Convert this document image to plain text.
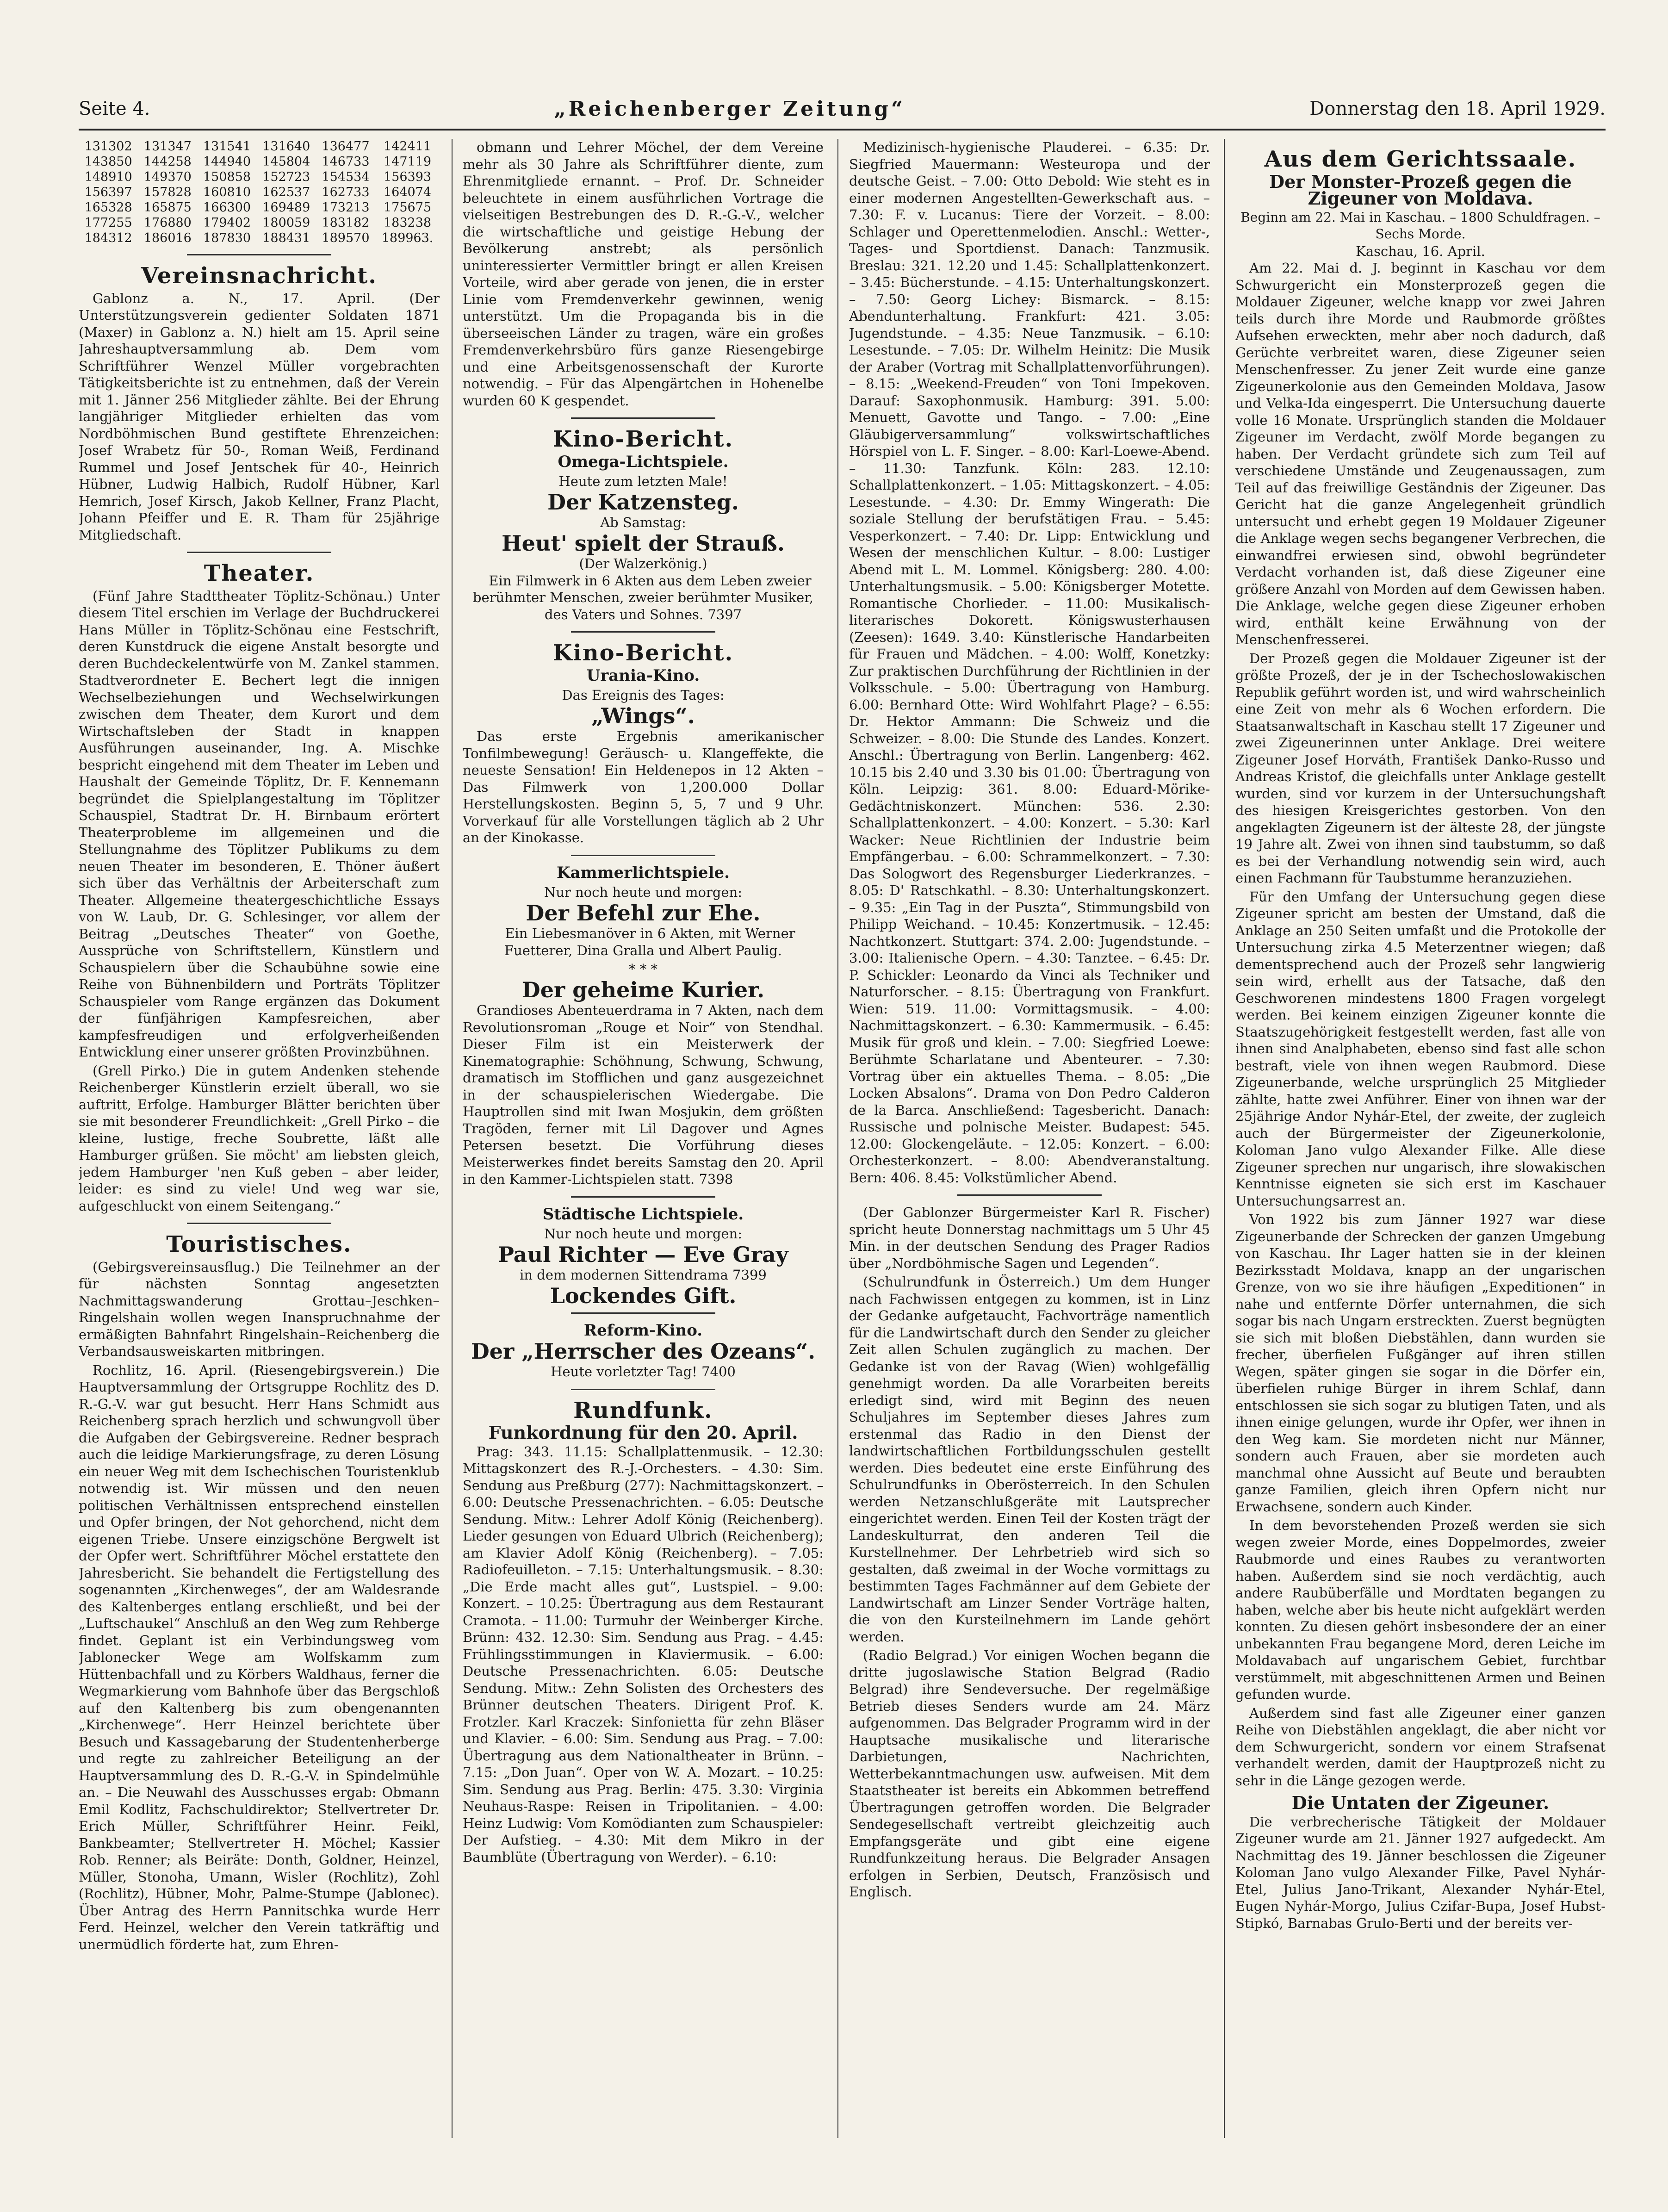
Seite 4.	„Reichenberger Zeitung“	Donnerstag den 18. April 1929.
131302	131347	131541	131640	136477	142411
143850	144258	144940	145804	146733	147119
148910	149370	150858	152723	154534	156393
156397	157828	160810	162537	162733	164074
165328	165875	166300	169489	173213	175675
177255	176880	179402	180059	183182	183238
184312	186016	187830	188431	189570	189963.
Vereinsnachricht.

Gablonz a. N., 17. April. (Der Unterstützungsverein gedienter Soldaten 1871 (Maxer) in Gablonz a. N.) hielt am 15. April seine Jahreshauptversammlung ab. Dem vom Schriftführer Wenzel Müller vorgebrachten Tätigkeitsberichte ist zu entnehmen, daß der Verein mit 1. Jänner 256 Mitglieder zählte. Bei der Ehrung langjähriger Mitglieder erhielten das vom Nordböhmischen Bund gestiftete Ehrenzeichen: Josef Wrabetz für 50-, Roman Weiß, Ferdinand Rummel und Josef Jentschek für 40-, Heinrich Hübner, Ludwig Halbich, Rudolf Hübner, Karl Hemrich, Josef Kirsch, Jakob Kellner, Franz Placht, Johann Pfeiffer und E. R. Tham für 25jährige Mitgliedschaft.

Theater.

(Fünf Jahre Stadttheater Töplitz-Schönau.) Unter diesem Titel erschien im Verlage der Buchdruckerei Hans Müller in Töplitz-Schönau eine Festschrift, deren Kunstdruck die eigene Anstalt besorgte und deren Buchdeckelentwürfe von M. Zankel stammen. Stadtverordneter E. Bechert legt die innigen Wechselbeziehungen und Wechselwirkungen zwischen dem Theater, dem Kurort und dem Wirtschaftsleben der Stadt in knappen Ausführungen auseinander, Ing. A. Mischke bespricht eingehend mit dem Theater im Leben und Haushalt der Gemeinde Töplitz, Dr. F. Kennemann begründet die Spielplangestaltung im Töplitzer Schauspiel, Stadtrat Dr. H. Birnbaum erörtert Theaterprobleme im allgemeinen und die Stellungnahme des Töplitzer Publikums zu dem neuen Theater im besonderen, E. Thöner äußert sich über das Verhältnis der Arbeiterschaft zum Theater. Allgemeine theatergeschichtliche Essays von W. Laub, Dr. G. Schlesinger, vor allem der Beitrag „Deutsches Theater“ von Goethe, Aussprüche von Schriftstellern, Künstlern und Schauspielern über die Schaubühne sowie eine Reihe von Bühnenbildern und Porträts Töplitzer Schauspieler vom Range ergänzen das Dokument der fünfjährigen Kampfesreichen, aber kampfesfreudigen und erfolgverheißenden Entwicklung einer unserer größten Provinzbühnen.

(Grell Pirko.) Die in gutem Andenken stehende Reichenberger Künstlerin erzielt überall, wo sie auftritt, Erfolge. Hamburger Blätter berichten über sie mit besonderer Freundlichkeit: „Grell Pirko – die kleine, lustige, freche Soubrette, läßt alle Hamburger grüßen. Sie möcht' am liebsten gleich, jedem Hamburger 'nen Kuß geben – aber leider, leider: es sind zu viele! Und weg war sie, aufgeschluckt von einem Seitengang.“

Touristisches.

(Gebirgsvereinsausflug.) Die Teilnehmer an der für nächsten Sonntag angesetzten Nachmittagswanderung Grottau–Jeschken–Ringelshain wollen wegen Inanspruchnahme der ermäßigten Bahnfahrt Ringelshain–Reichenberg die Verbandsausweiskarten mitbringen.

Rochlitz, 16. April. (Riesengebirgsverein.) Die Hauptversammlung der Ortsgruppe Rochlitz des D. R.-G.-V. war gut besucht. Herr Hans Schmidt aus Reichenberg sprach herzlich und schwungvoll über die Aufgaben der Gebirgsvereine. Redner besprach auch die leidige Markierungsfrage, zu deren Lösung ein neuer Weg mit dem Ischechischen Touristenklub notwendig ist. Wir müssen und den neuen politischen Verhältnissen entsprechend einstellen und Opfer bringen, der Not gehorchend, nicht dem eigenen Triebe. Unsere einzigschöne Bergwelt ist der Opfer wert. Schriftführer Möchel erstattete den Jahresbericht. Sie behandelt die Fertigstellung des sogenannten „Kirchenweges“, der am Waldesrande des Kaltenberges entlang erschließt, und bei der „Luftschaukel“ Anschluß an den Weg zum Rehberge findet. Geplant ist ein Verbindungsweg vom Jablonecker Wege am Wolfskamm zum Hüttenbachfall und zu Körbers Waldhaus, ferner die Wegmarkierung vom Bahnhofe über das Bergschloß auf den Kaltenberg bis zum obengenannten „Kirchenwege“. Herr Heinzel berichtete über Besuch und Kassagebarung der Studentenherberge und regte zu zahlreicher Beteiligung an der Hauptversammlung des D. R.-G.-V. in Spindelmühle an. – Die Neuwahl des Ausschusses ergab: Obmann Emil Kodlitz, Fachschuldirektor; Stellvertreter Dr. Erich Müller, Schriftführer Heinr. Feikl, Bankbeamter; Stellvertreter H. Möchel; Kassier Rob. Renner; als Beiräte: Donth, Goldner, Heinzel, Müller, Stonoha, Umann, Wisler (Rochlitz), Zohl (Rochlitz), Hübner, Mohr, Palme-Stumpe (Jablonec). Über Antrag des Herrn Pannitschka wurde Herr Ferd. Heinzel, welcher den Verein tatkräftig und unermüdlich förderte hat, zum Ehren-

obmann und Lehrer Möchel, der dem Vereine mehr als 30 Jahre als Schriftführer diente, zum Ehrenmitgliede ernannt. – Prof. Dr. Schneider beleuchtete in einem ausführlichen Vortrage die vielseitigen Bestrebungen des D. R.-G.-V., welcher die wirtschaftliche und geistige Hebung der Bevölkerung anstrebt; als persönlich uninteressierter Vermittler bringt er allen Kreisen Vorteile, wird aber gerade von jenen, die in erster Linie vom Fremdenverkehr gewinnen, wenig unterstützt. Um die Propaganda bis in die überseeischen Länder zu tragen, wäre ein großes Fremdenverkehrsbüro fürs ganze Riesengebirge und eine Arbeitsgenossenschaft der Kurorte notwendig. – Für das Alpengärtchen in Hohenelbe wurden 60 K gespendet.

Kino-Bericht.
Omega-Lichtspiele.
Heute zum letzten Male!
Der Katzensteg.
Ab Samstag:
Heut' spielt der Strauß.
(Der Walzerkönig.)

Ein Filmwerk in 6 Akten aus dem Leben zweier berühmter Menschen, zweier berühmter Musiker, des Vaters und Sohnes. 7397

Kino-Bericht.
Urania-Kino.
Das Ereignis des Tages:
„Wings“.

Das erste Ergebnis amerikanischer Tonfilmbewegung! Geräusch- u. Klangeffekte, die neueste Sensation! Ein Heldenepos in 12 Akten – Das Filmwerk von 1,200.000 Dollar Herstellungskosten. Beginn 5, 5, 7 und 9 Uhr. Vorverkauf für alle Vorstellungen täglich ab 2 Uhr an der Kinokasse.

Kammerlichtspiele.
Nur noch heute und morgen:
Der Befehl zur Ehe.

Ein Liebesmanöver in 6 Akten, mit Werner Fuetterer, Dina Gralla und Albert Paulig.

* * *
Der geheime Kurier.

Grandioses Abenteuerdrama in 7 Akten, nach dem Revolutionsroman „Rouge et Noir“ von Stendhal. Dieser Film ist ein Meisterwerk der Kinematographie: Schöhnung, Schwung, Schwung, dramatisch im Stofflichen und ganz ausgezeichnet in der schauspielerischen Wiedergabe. Die Hauptrollen sind mit Iwan Mosjukin, dem größten Tragöden, ferner mit Lil Dagover und Agnes Petersen besetzt. Die Vorführung dieses Meisterwerkes findet bereits Samstag den 20. April in den Kammer-Lichtspielen statt. 7398

Städtische Lichtspiele.
Nur noch heute und morgen:
Paul Richter — Eve Gray
in dem modernen Sittendrama 7399
Lockendes Gift.
Reform-Kino.
Der „Herrscher des Ozeans“.
Heute vorletzter Tag! 7400
Rundfunk.
Funkordnung für den 20. April.

Prag: 343. 11.15: Schallplattenmusik. – 12.30: Mittagskonzert des R.-J.-Orchesters. – 4.30: Sim. Sendung aus Preßburg (277): Nachmittagskonzert. – 6.00: Deutsche Pressenachrichten. – 6.05: Deutsche Sendung. Mitw.: Lehrer Adolf König (Reichenberg). Lieder gesungen von Eduard Ulbrich (Reichenberg); am Klavier Adolf König (Reichenberg). – 7.05: Radiofeuilleton. – 7.15: Unterhaltungsmusik. – 8.30: „Die Erde macht alles gut“, Lustspiel. – 9.00: Konzert. – 10.25: Übertragung aus dem Restaurant Cramota. – 11.00: Turmuhr der Weinberger Kirche. Brünn: 432. 12.30: Sim. Sendung aus Prag. – 4.45: Frühlingsstimmungen in Klaviermusik. – 6.00: Deutsche Pressenachrichten. 6.05: Deutsche Sendung. Mitw.: Zehn Solisten des Orchesters des Brünner deutschen Theaters. Dirigent Prof. K. Frotzler. Karl Kraczek: Sinfonietta für zehn Bläser und Klavier. – 6.00: Sim. Sendung aus Prag. – 7.00: Übertragung aus dem Nationaltheater in Brünn. – 7.15: „Don Juan“. Oper von W. A. Mozart. – 10.25: Sim. Sendung aus Prag. Berlin: 475. 3.30: Virginia Neuhaus-Raspe: Reisen in Tripolitanien. – 4.00: Heinz Ludwig: Vom Komödianten zum Schauspieler: Der Aufstieg. – 4.30: Mit dem Mikro in der Baumblüte (Übertragung von Werder). – 6.10:

Medizinisch-hygienische Plauderei. – 6.35: Dr. Siegfried Mauermann: Westeuropa und der deutsche Geist. – 7.00: Otto Debold: Wie steht es in einer modernen Angestellten-Gewerkschaft aus. – 7.30: F. v. Lucanus: Tiere der Vorzeit. – 8.00: Schlager und Operettenmelodien. Anschl.: Wetter-, Tages- und Sportdienst. Danach: Tanzmusik. Breslau: 321. 12.20 und 1.45: Schallplattenkonzert. – 3.45: Bücherstunde. – 4.15: Unterhaltungskonzert. – 7.50: Georg Lichey: Bismarck. – 8.15: Abendunterhaltung. Frankfurt: 421. 3.05: Jugendstunde. – 4.35: Neue Tanzmusik. – 6.10: Lesestunde. – 7.05: Dr. Wilhelm Heinitz: Die Musik der Araber (Vortrag mit Schallplattenvorführungen). – 8.15: „Weekend-Freuden“ von Toni Impekoven. Darauf: Saxophonmusik. Hamburg: 391. 5.00: Menuett, Gavotte und Tango. – 7.00: „Eine Gläubigerversammlung“ volkswirtschaftliches Hörspiel von L. F. Singer. – 8.00: Karl-Loewe-Abend. – 11.30: Tanzfunk. Köln: 283. 12.10: Schallplattenkonzert. – 1.05: Mittagskonzert. – 4.05: Lesestunde. – 4.30: Dr. Emmy Wingerath: Die soziale Stellung der berufstätigen Frau. – 5.45: Vesperkonzert. – 7.40: Dr. Lipp: Entwicklung und Wesen der menschlichen Kultur. – 8.00: Lustiger Abend mit L. M. Lommel. Königsberg: 280. 4.00: Unterhaltungsmusik. – 5.00: Königsberger Motette. Romantische Chorlieder. – 11.00: Musikalisch-literarisches Dokorett. Königswusterhausen (Zeesen): 1649. 3.40: Künstlerische Handarbeiten für Frauen und Mädchen. – 4.00: Wolff, Konetzky: Zur praktischen Durchführung der Richtlinien in der Volksschule. – 5.00: Übertragung von Hamburg. 6.00: Bernhard Otte: Wird Wohlfahrt Plage? – 6.55: Dr. Hektor Ammann: Die Schweiz und die Schweizer. – 8.00: Die Stunde des Landes. Konzert. Anschl.: Übertragung von Berlin. Langenberg: 462. 10.15 bis 2.40 und 3.30 bis 01.00: Übertragung von Köln. Leipzig: 361. 8.00: Eduard-Mörike-Gedächtniskonzert. München: 536. 2.30: Schallplattenkonzert. – 4.00: Konzert. – 5.30: Karl Wacker: Neue Richtlinien der Industrie beim Empfängerbau. – 6.00: Schrammelkonzert. – 7.30: Das Sologwort des Regensburger Liederkranzes. – 8.05: D' Ratschkathl. – 8.30: Unterhaltungskonzert. – 9.35: „Ein Tag in der Puszta“, Stimmungsbild von Philipp Weichand. – 10.45: Konzertmusik. – 12.45: Nachtkonzert. Stuttgart: 374. 2.00: Jugendstunde. – 3.00: Italienische Opern. – 4.30: Tanztee. – 6.45: Dr. P. Schickler: Leonardo da Vinci als Techniker und Naturforscher. – 8.15: Übertragung von Frankfurt. Wien: 519. 11.00: Vormittagsmusik. – 4.00: Nachmittagskonzert. – 6.30: Kammermusik. – 6.45: Musik für groß und klein. – 7.00: Siegfried Loewe: Berühmte Scharlatane und Abenteurer. – 7.30: Vortrag über ein aktuelles Thema. – 8.05: „Die Locken Absalons“. Drama von Don Pedro Calderon de la Barca. Anschließend: Tagesbericht. Danach: Russische und polnische Meister. Budapest: 545. 12.00: Glockengeläute. – 12.05: Konzert. – 6.00: Orchesterkonzert. – 8.00: Abendveranstaltung. Bern: 406. 8.45: Volkstümlicher Abend.

(Der Gablonzer Bürgermeister Karl R. Fischer) spricht heute Donnerstag nachmittags um 5 Uhr 45 Min. in der deutschen Sendung des Prager Radios über „Nordböhmische Sagen und Legenden“.

(Schulrundfunk in Österreich.) Um dem Hunger nach Fachwissen entgegen zu kommen, ist in Linz der Gedanke aufgetaucht, Fachvorträge namentlich für die Landwirtschaft durch den Sender zu gleicher Zeit allen Schulen zugänglich zu machen. Der Gedanke ist von der Ravag (Wien) wohlgefällig genehmigt worden. Da alle Vorarbeiten bereits erledigt sind, wird mit Beginn des neuen Schuljahres im September dieses Jahres zum erstenmal das Radio in den Dienst der landwirtschaftlichen Fortbildungsschulen gestellt werden. Dies bedeutet eine erste Einführung des Schulrundfunks in Oberösterreich. In den Schulen werden Netzanschlußgeräte mit Lautsprecher eingerichtet werden. Einen Teil der Kosten trägt der Landeskulturrat, den anderen Teil die Kurstellnehmer. Der Lehrbetrieb wird sich so gestalten, daß zweimal in der Woche vormittags zu bestimmten Tages Fachmänner auf dem Gebiete der Landwirtschaft am Linzer Sender Vorträge halten, die von den Kursteilnehmern im Lande gehört werden.

(Radio Belgrad.) Vor einigen Wochen begann die dritte jugoslawische Station Belgrad (Radio Belgrad) ihre Sendeversuche. Der regelmäßige Betrieb dieses Senders wurde am 24. März aufgenommen. Das Belgrader Programm wird in der Hauptsache musikalische und literarische Darbietungen, Nachrichten, Wetterbekanntmachungen usw. aufweisen. Mit dem Staatstheater ist bereits ein Abkommen betreffend Übertragungen getroffen worden. Die Belgrader Sendegesellschaft vertreibt gleichzeitig auch Empfangsgeräte und gibt eine eigene Rundfunkzeitung heraus. Die Belgrader Ansagen erfolgen in Serbien, Deutsch, Französisch und Englisch.

Aus dem Gerichtssaale.
Der Monster-Prozeß gegen die Zigeuner von Moldava.
Beginn am 22. Mai in Kaschau. – 1800 Schuldfragen. – Sechs Morde.
Kaschau, 16. April.

Am 22. Mai d. J. beginnt in Kaschau vor dem Schwurgericht ein Monsterprozeß gegen die Moldauer Zigeuner, welche knapp vor zwei Jahren teils durch ihre Morde und Raubmorde größtes Aufsehen erweckten, mehr aber noch dadurch, daß Gerüchte verbreitet waren, diese Zigeuner seien Menschenfresser. Zu jener Zeit wurde eine ganze Zigeunerkolonie aus den Gemeinden Moldava, Jasow und Velka-Ida eingesperrt. Die Untersuchung dauerte volle 16 Monate. Ursprünglich standen die Moldauer Zigeuner im Verdacht, zwölf Morde begangen zu haben. Der Verdacht gründete sich zum Teil auf verschiedene Umstände und Zeugenaussagen, zum Teil auf das freiwillige Geständnis der Zigeuner. Das Gericht hat die ganze Angelegenheit gründlich untersucht und erhebt gegen 19 Moldauer Zigeuner die Anklage wegen sechs begangener Verbrechen, die einwandfrei erwiesen sind, obwohl begründeter Verdacht vorhanden ist, daß diese Zigeuner eine größere Anzahl von Morden auf dem Gewissen haben. Die Anklage, welche gegen diese Zigeuner erhoben wird, enthält keine Erwähnung von der Menschenfresserei.

Der Prozeß gegen die Moldauer Zigeuner ist der größte Prozeß, der je in der Tschechoslowakischen Republik geführt worden ist, und wird wahrscheinlich eine Zeit von mehr als 6 Wochen erfordern. Die Staatsanwaltschaft in Kaschau stellt 17 Zigeuner und zwei Zigeunerinnen unter Anklage. Drei weitere Zigeuner Josef Horváth, František Danko-Russo und Andreas Kristof, die gleichfalls unter Anklage gestellt wurden, sind vor kurzem in der Untersuchungshaft des hiesigen Kreisgerichtes gestorben. Von den angeklagten Zigeunern ist der älteste 28, der jüngste 19 Jahre alt. Zwei von ihnen sind taubstumm, so daß es bei der Verhandlung notwendig sein wird, auch einen Fachmann für Taubstumme heranzuziehen.

Für den Umfang der Untersuchung gegen diese Zigeuner spricht am besten der Umstand, daß die Anklage an 250 Seiten umfaßt und die Protokolle der Untersuchung zirka 4.5 Meterzentner wiegen; daß dementsprechend auch der Prozeß sehr langwierig sein wird, erhellt aus der Tatsache, daß den Geschworenen mindestens 1800 Fragen vorgelegt werden. Bei keinem einzigen Zigeuner konnte die Staatszugehörigkeit festgestellt werden, fast alle von ihnen sind Analphabeten, ebenso sind fast alle schon bestraft, viele von ihnen wegen Raubmord. Diese Zigeunerbande, welche ursprünglich 25 Mitglieder zählte, hatte zwei Anführer. Einer von ihnen war der 25jährige Andor Nyhár-Etel, der zweite, der zugleich auch der Bürgermeister der Zigeunerkolonie, Koloman Jano vulgo Alexander Filke. Alle diese Zigeuner sprechen nur ungarisch, ihre slowakischen Kenntnisse eigneten sie sich erst im Kaschauer Untersuchungsarrest an.

Von 1922 bis zum Jänner 1927 war diese Zigeunerbande der Schrecken der ganzen Umgebung von Kaschau. Ihr Lager hatten sie in der kleinen Bezirksstadt Moldava, knapp an der ungarischen Grenze, von wo sie ihre häufigen „Expeditionen“ in nahe und entfernte Dörfer unternahmen, die sich sogar bis nach Ungarn erstreckten. Zuerst begnügten sie sich mit bloßen Diebstählen, dann wurden sie frecher, überfielen Fußgänger auf ihren stillen Wegen, später gingen sie sogar in die Dörfer ein, überfielen ruhige Bürger in ihrem Schlaf, dann entschlossen sie sich sogar zu blutigen Taten, und als ihnen einige gelungen, wurde ihr Opfer, wer ihnen in den Weg kam. Sie mordeten nicht nur Männer, sondern auch Frauen, aber sie mordeten auch manchmal ohne Aussicht auf Beute und beraubten ganze Familien, gleich ihren Opfern nicht nur Erwachsene, sondern auch Kinder.

In dem bevorstehenden Prozeß werden sie sich wegen zweier Morde, eines Doppelmordes, zweier Raubmorde und eines Raubes zu verantworten haben. Außerdem sind sie noch verdächtig, auch andere Raubüberfälle und Mordtaten begangen zu haben, welche aber bis heute nicht aufgeklärt werden konnten. Zu diesen gehört insbesondere der an einer unbekannten Frau begangene Mord, deren Leiche im Moldavabach auf ungarischem Gebiet, furchtbar verstümmelt, mit abgeschnittenen Armen und Beinen gefunden wurde.

Außerdem sind fast alle Zigeuner einer ganzen Reihe von Diebstählen angeklagt, die aber nicht vor dem Schwurgericht, sondern vor einem Strafsenat verhandelt werden, damit der Hauptprozeß nicht zu sehr in die Länge gezogen werde.

Die Untaten der Zigeuner.

Die verbrecherische Tätigkeit der Moldauer Zigeuner wurde am 21. Jänner 1927 aufgedeckt. Am Nachmittag des 19. Jänner beschlossen die Zigeuner Koloman Jano vulgo Alexander Filke, Pavel Nyhár-Etel, Julius Jano-Trikant, Alexander Nyhár-Etel, Eugen Nyhár-Morgo, Julius Czifar-Bupa, Josef Hubst-Stipkó, Barnabas Grulo-Berti und der bereits ver-
